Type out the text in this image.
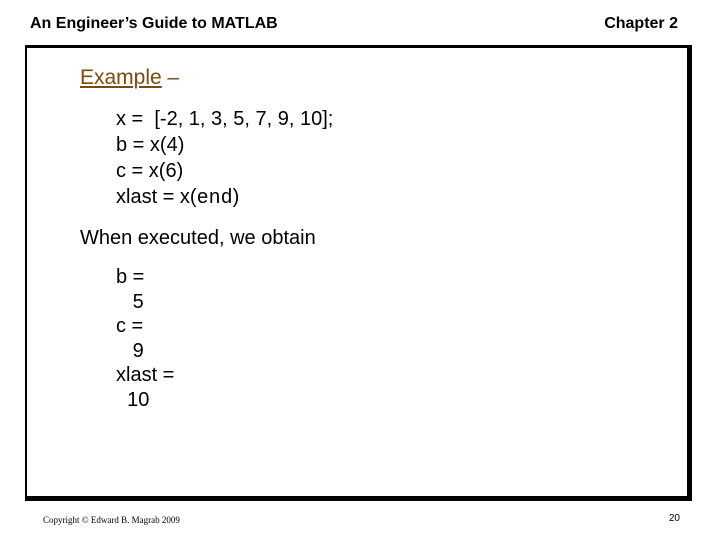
An Engineer’s Guide to MATLAB	Chapter 2
Example –
x =  [-2, 1, 3, 5, 7, 9, 10];
b = x(4)
c = x(6)
xlast = x(end)
When executed, we obtain
b =
5
c =
9
xlast =
10
Copyright © Edward B. Magrab 2009	20
